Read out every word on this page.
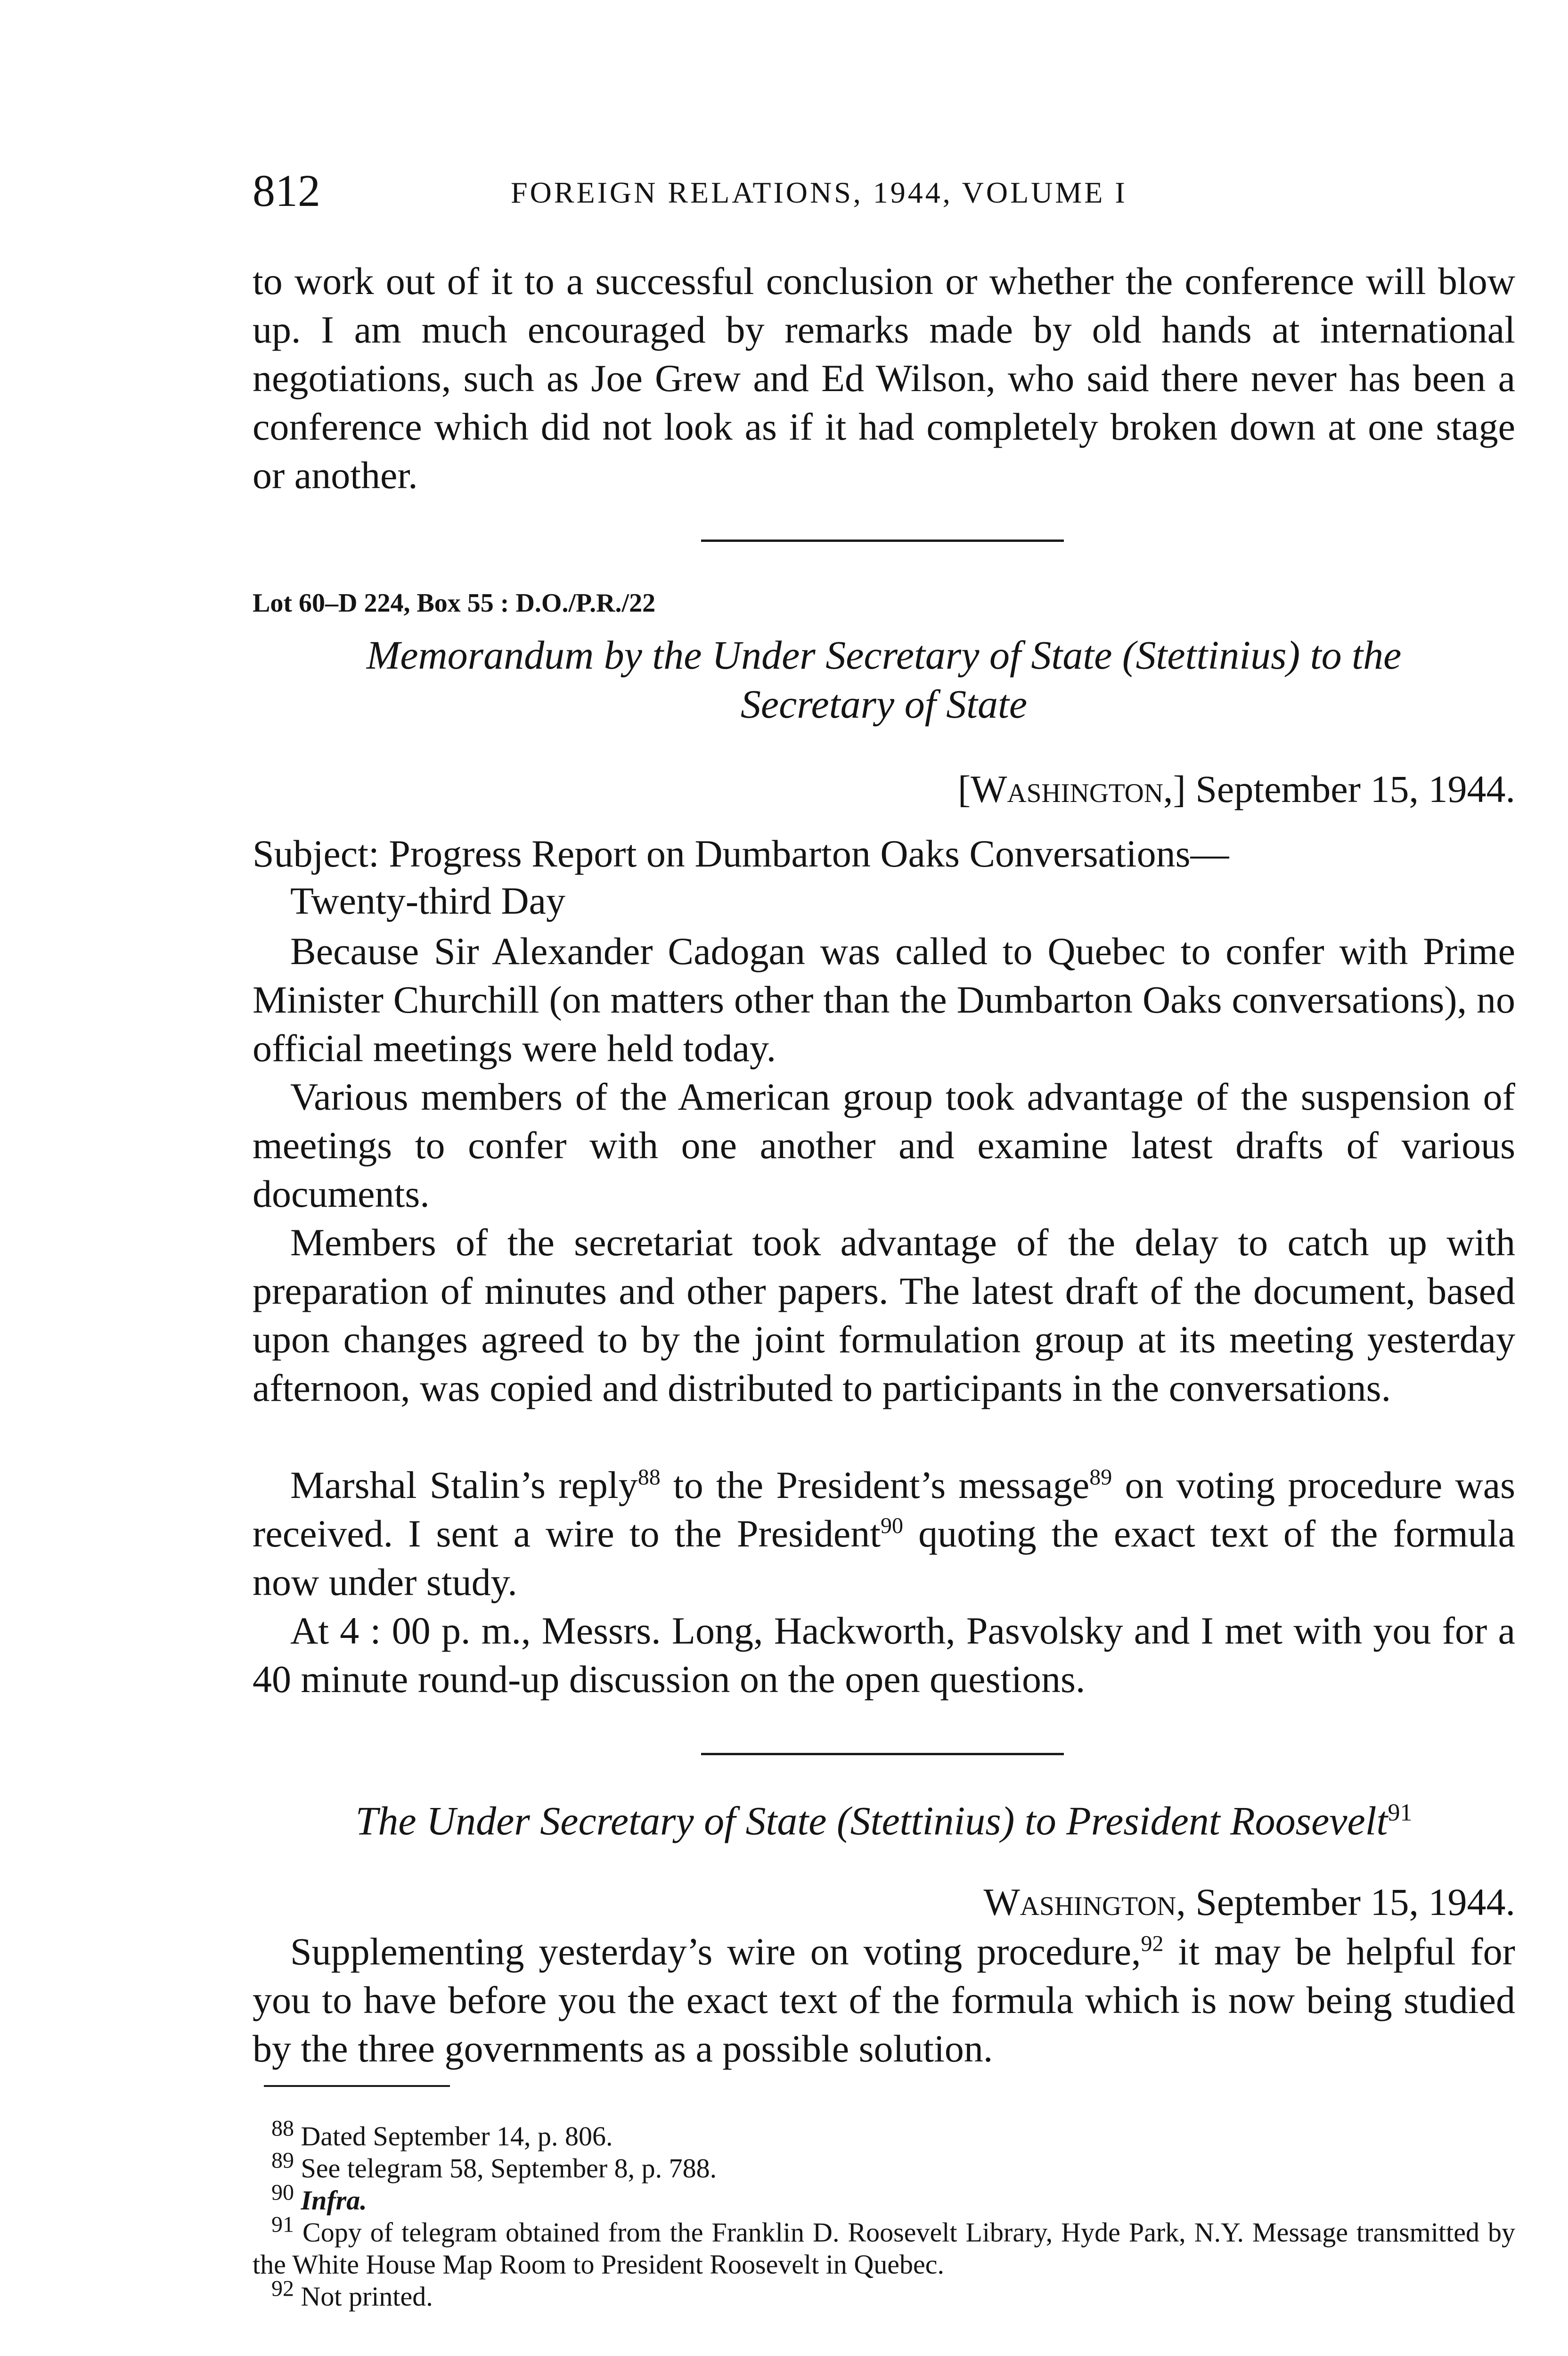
812	FOREIGN RELATIONS, 1944, VOLUME I
to work out of it to a successful conclusion or whether the conference will blow up. I am much encouraged by remarks made by old hands at international negotiations, such as Joe Grew and Ed Wilson, who said there never has been a conference which did not look as if it had completely broken down at one stage or another.
Lot 60–D 224, Box 55 : D.O./P.R./22
Memorandum by the Under Secretary of State (Stettinius) to the
Secretary of State
[Washington,] September 15, 1944.
Subject: Progress Report on Dumbarton Oaks Conversations—
Twenty-third Day
Because Sir Alexander Cadogan was called to Quebec to confer with Prime Minister Churchill (on matters other than the Dumbarton Oaks conversations), no official meetings were held today.
Various members of the American group took advantage of the suspension of meetings to confer with one another and examine latest drafts of various documents.
Members of the secretariat took advantage of the delay to catch up with preparation of minutes and other papers. The latest draft of the document, based upon changes agreed to by the joint formulation group at its meeting yesterday afternoon, was copied and distributed to participants in the conversations.
Marshal Stalin’s reply$^{88}$ to the President’s message$^{89}$ on voting procedure was received. I sent a wire to the President$^{90}$ quoting the exact text of the formula now under study.
At 4 : 00 p. m., Messrs. Long, Hackworth, Pasvolsky and I met with you for a 40 minute round-up discussion on the open questions.
The Under Secretary of State (Stettinius) to President Roosevelt$^{91}$
Washington, September 15, 1944.
Supplementing yesterday’s wire on voting procedure,$^{92}$ it may be helpful for you to have before you the exact text of the formula which is now being studied by the three governments as a possible solution.

$^{88}$ Dated September 14, p. 806.

$^{89}$ See telegram 58, September 8, p. 788.

$^{90}$ Infra.

$^{91}$ Copy of telegram obtained from the Franklin D. Roosevelt Library, Hyde Park, N.Y. Message transmitted by the White House Map Room to President Roosevelt in Quebec.

$^{92}$ Not printed.
